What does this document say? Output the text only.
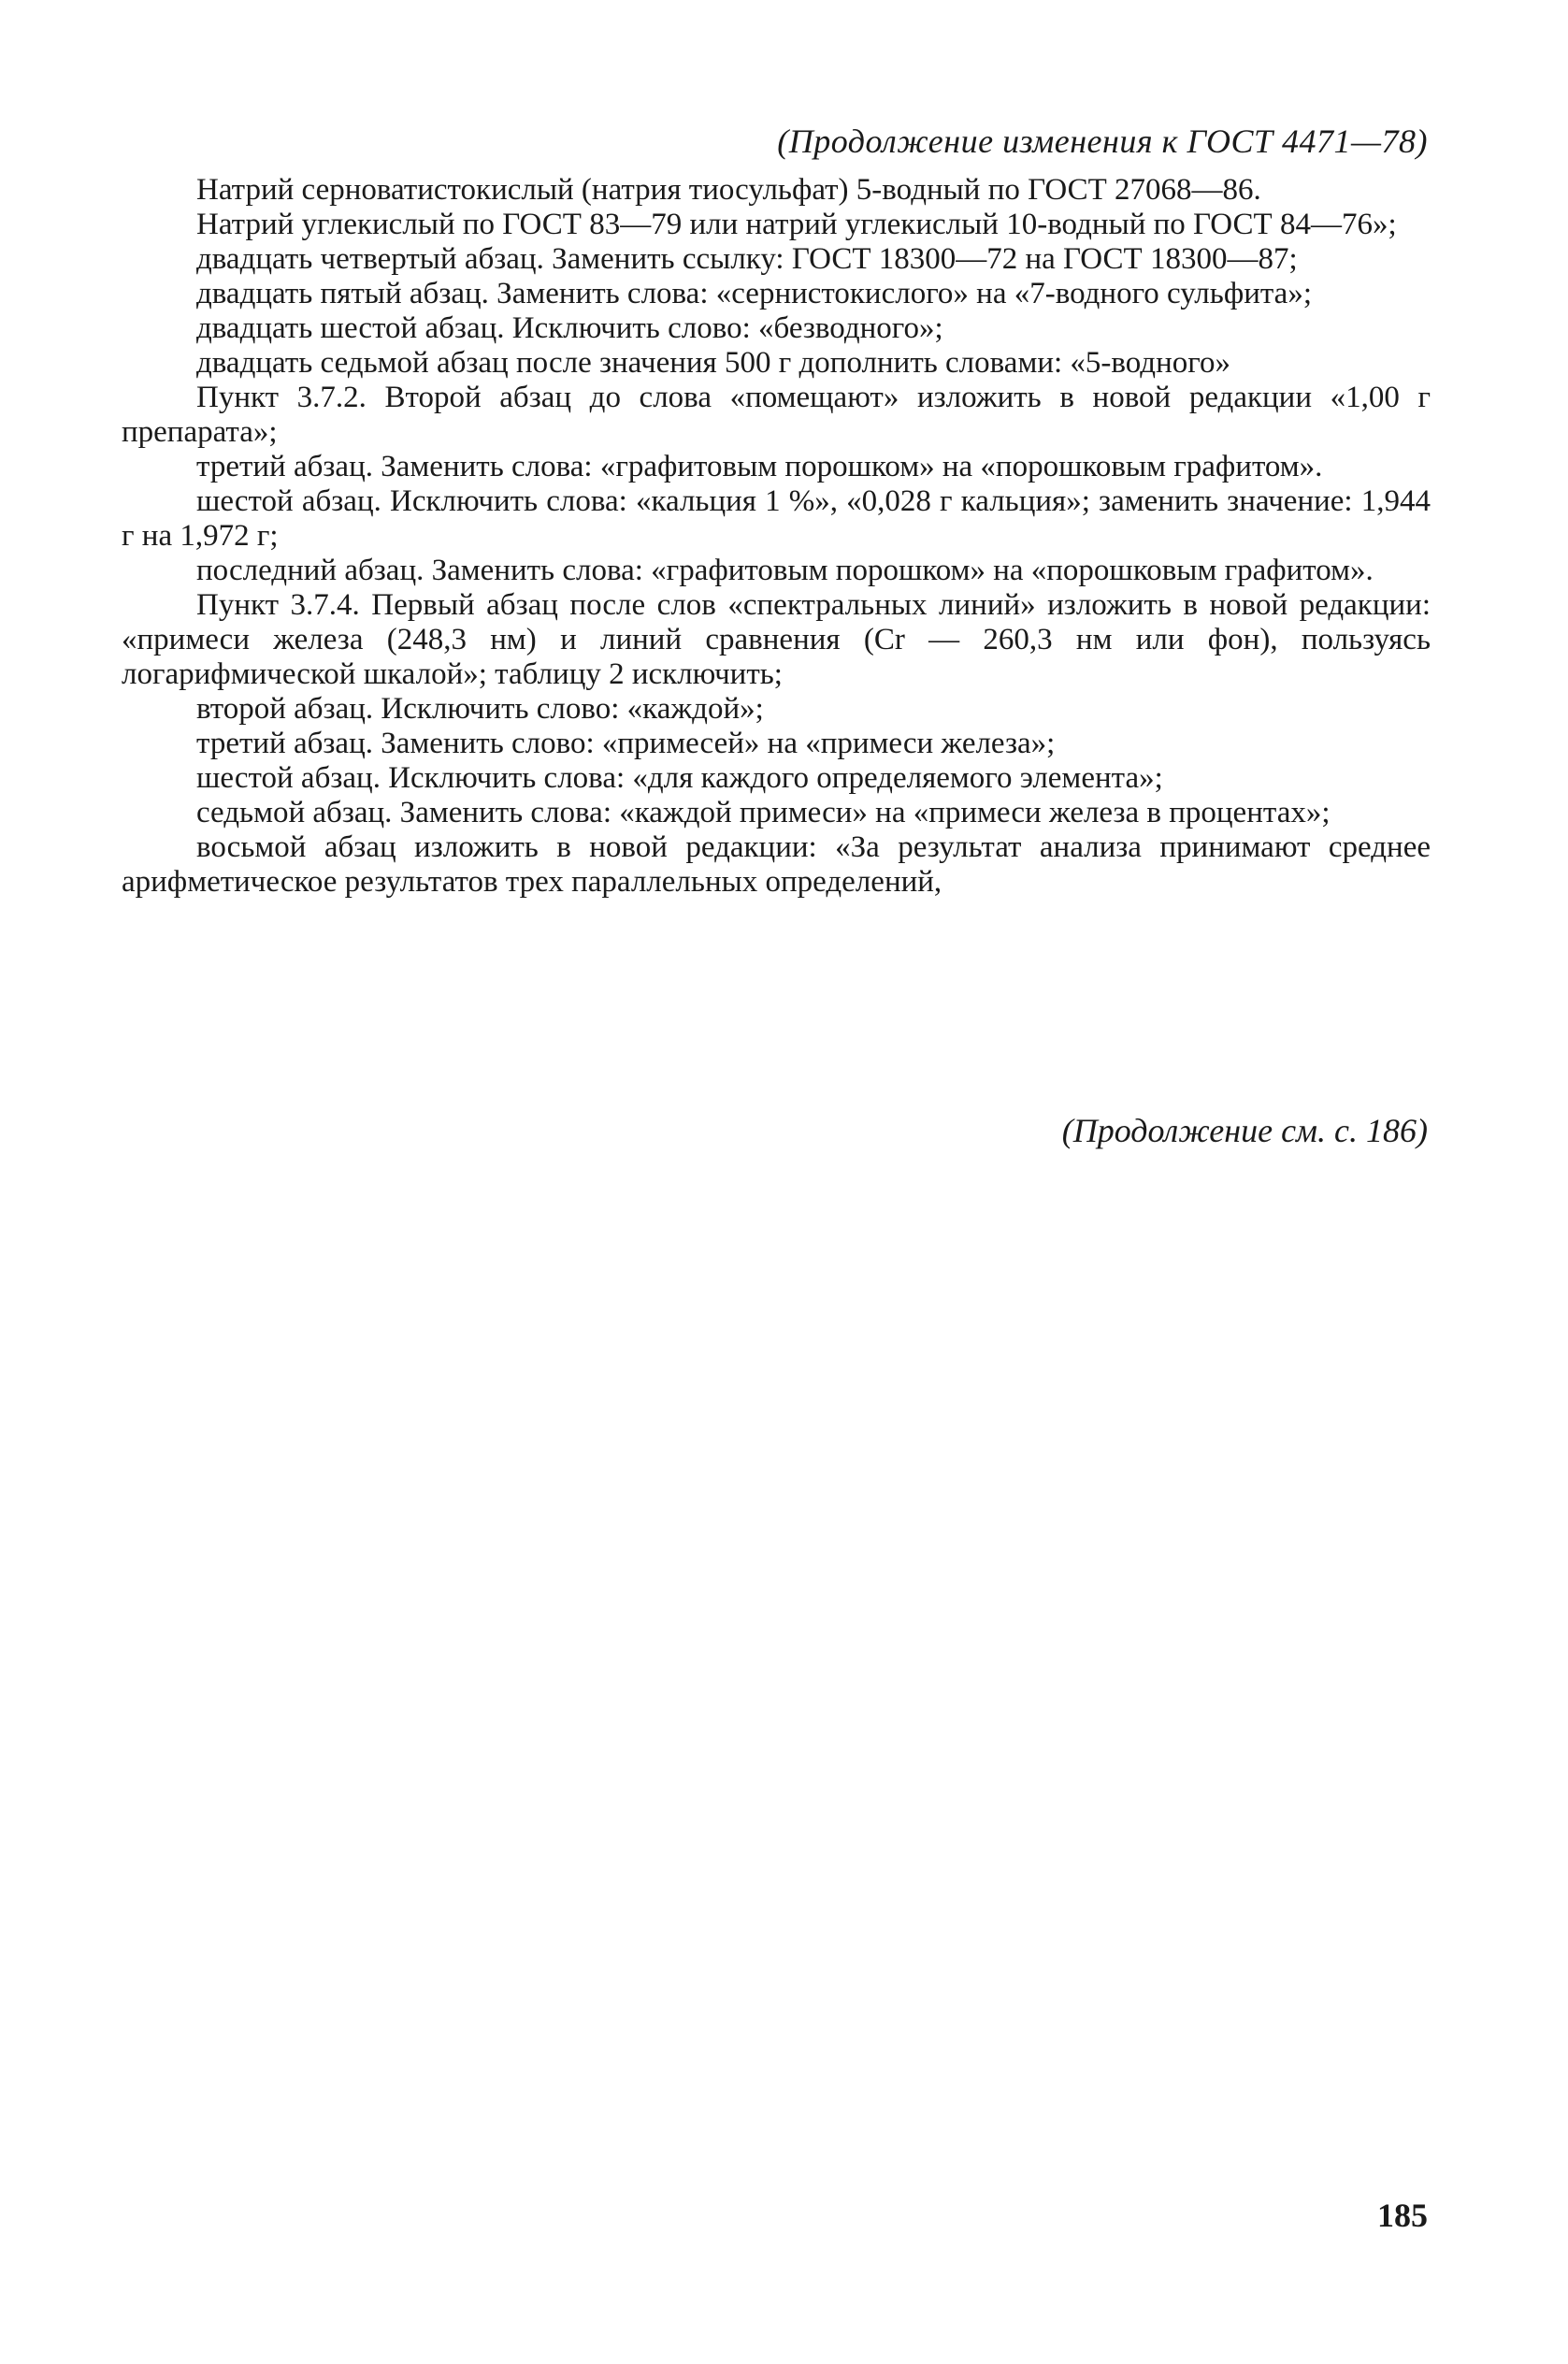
(Продолжение изменения к ГОСТ 4471—78)

Натрий серноватистокислый (натрия тиосульфат) 5-водный по ГОСТ 27068—86.

Натрий углекислый по ГОСТ 83—79 или натрий углекислый 10-водный по ГОСТ 84—76»;

двадцать четвертый абзац. Заменить ссылку: ГОСТ 18300—72 на ГОСТ 18300—87;

двадцать пятый абзац. Заменить слова: «сернистокислого» на «7-водного сульфита»;

двадцать шестой абзац. Исключить слово: «безводного»;

двадцать седьмой абзац после значения 500 г дополнить словами: «5-водного»

Пункт 3.7.2. Второй абзац до слова «помещают» изложить в новой редакции «1,00 г препарата»;

третий абзац. Заменить слова: «графитовым порошком» на «порошковым графитом».

шестой абзац. Исключить слова: «кальция 1 %», «0,028 г кальция»; заменить значение: 1,944 г на 1,972 г;

последний абзац. Заменить слова: «графитовым порошком» на «порошковым графитом».

Пункт 3.7.4. Первый абзац после слов «спектральных линий» изложить в новой редакции: «примеси железа (248,3 нм) и линий сравнения (Cr — 260,3 нм или фон), пользуясь логарифмической шкалой»; таблицу 2 исключить;

второй абзац. Исключить слово: «каждой»;

третий абзац. Заменить слово: «примесей» на «примеси железа»;

шестой абзац. Исключить слова: «для каждого определяемого элемента»;

седьмой абзац. Заменить слова: «каждой примеси» на «примеси железа в процентах»;

восьмой абзац изложить в новой редакции: «За результат анализа принимают среднее арифметическое результатов трех параллельных определений,

(Продолжение см. с. 186)
185
